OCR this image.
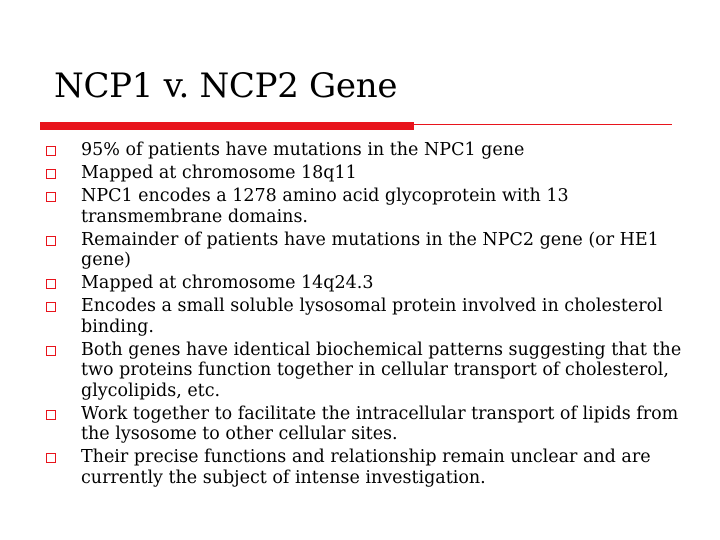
NCP1 v. NCP2 Gene
95% of patients have mutations in the NPC1 gene
Mapped at chromosome 18q11
NPC1 encodes a 1278 amino acid glycoprotein with 13 transmembrane domains.
Remainder of patients have mutations in the NPC2 gene (or HE1 gene)
Mapped at chromosome 14q24.3
Encodes a small soluble lysosomal protein involved in cholesterol binding.
Both genes have identical biochemical patterns suggesting that the two proteins function together in cellular transport of cholesterol, glycolipids, etc.
Work together to facilitate the intracellular transport of lipids from the lysosome to other cellular sites.
Their precise functions and relationship remain unclear and are currently the subject of intense investigation.
